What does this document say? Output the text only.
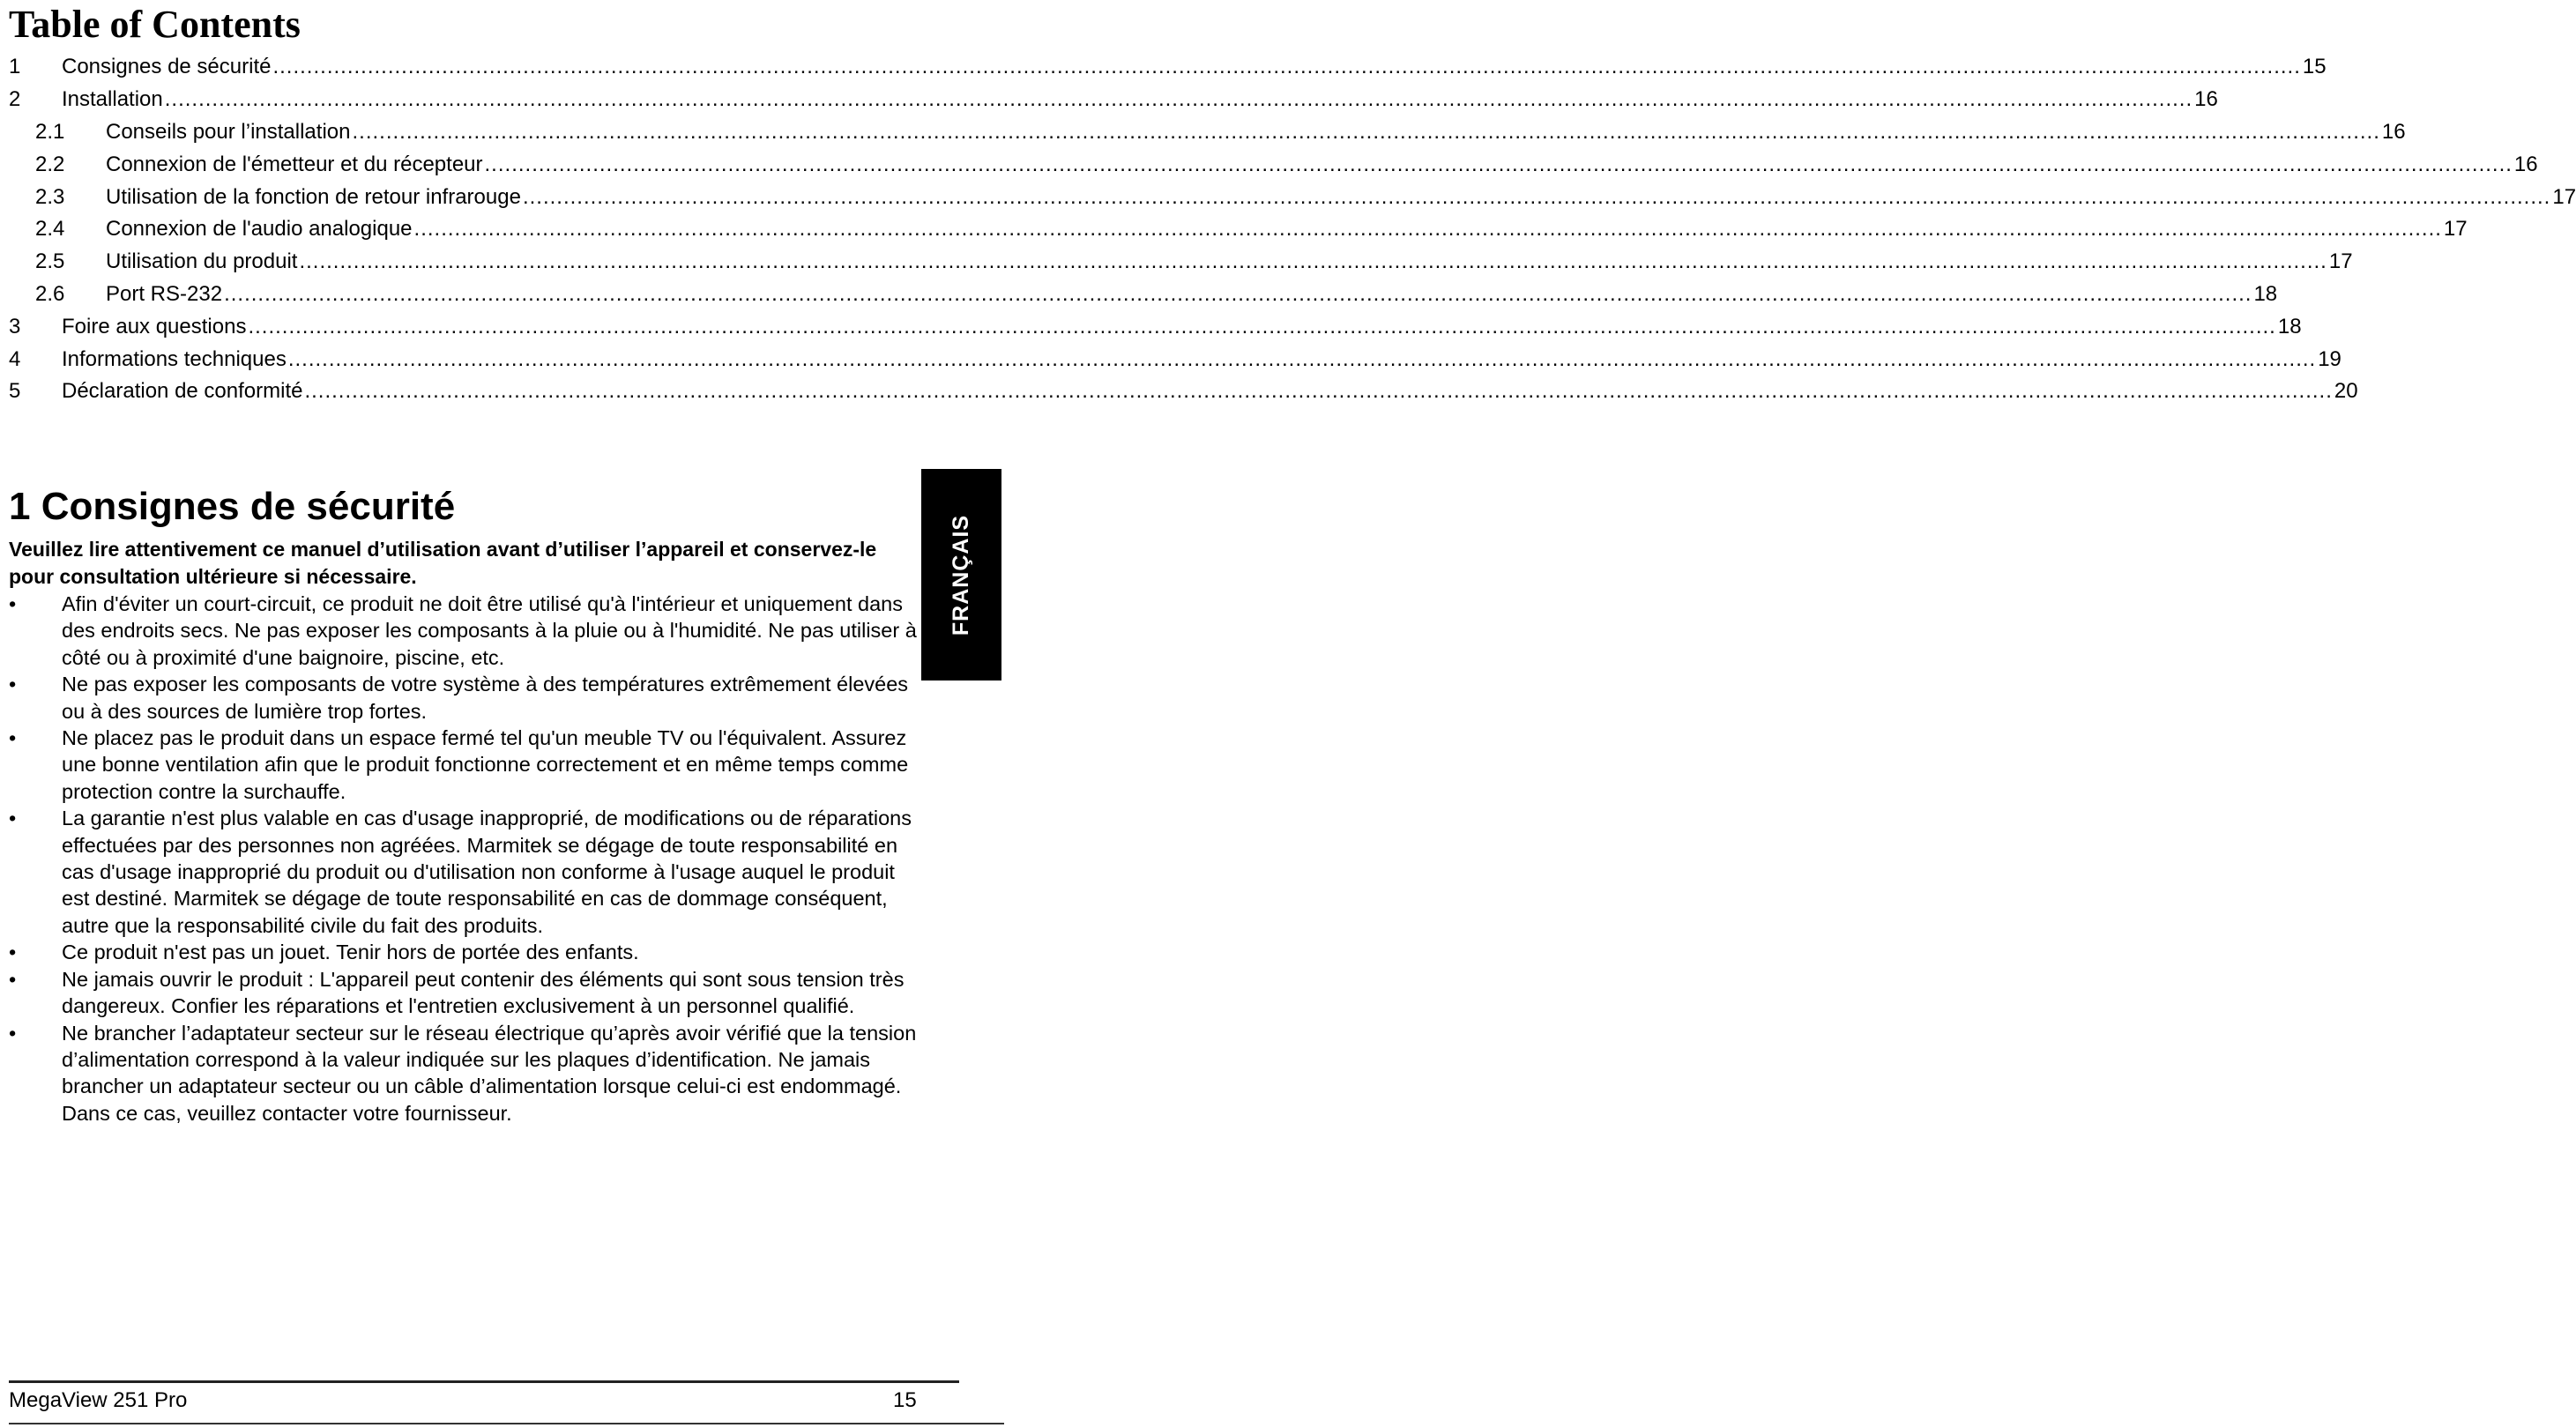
Table of Contents
1	Consignes de sécurité ............................................................................................................................................................................................................................................................................................................ 15
2	Installation ............................................................................................................................................................................................................................................................................................................ 16
2.1	Conseils pour l’installation ............................................................................................................................................................................................................................................................................................................ 16
2.2	Connexion de l'émetteur et du récepteur ............................................................................................................................................................................................................................................................................................................ 16
2.3	Utilisation de la fonction de retour infrarouge ............................................................................................................................................................................................................................................................................................................ 17
2.4	Connexion de l'audio analogique ............................................................................................................................................................................................................................................................................................................ 17
2.5	Utilisation du produit ............................................................................................................................................................................................................................................................................................................ 17
2.6	Port RS-232 ............................................................................................................................................................................................................................................................................................................ 18
3	Foire aux questions ............................................................................................................................................................................................................................................................................................................ 18
4	Informations techniques ............................................................................................................................................................................................................................................................................................................ 19
5	Déclaration de conformité ............................................................................................................................................................................................................................................................................................................ 20
1 Consignes de sécurité

Veuillez lire attentivement ce manuel d’utilisation avant d’utiliser l’appareil et conservez-le pour consultation ultérieure si nécessaire.

• Afin d'éviter un court-circuit, ce produit ne doit être utilisé qu'à l'intérieur et uniquement dans des endroits secs. Ne pas exposer les composants à la pluie ou à l'humidité. Ne pas utiliser à côté ou à proximité d'une baignoire, piscine, etc.
• Ne pas exposer les composants de votre système à des températures extrêmement élevées ou à des sources de lumière trop fortes.
• Ne placez pas le produit dans un espace fermé tel qu'un meuble TV ou l'équivalent. Assurez une bonne ventilation afin que le produit fonctionne correctement et en même temps comme protection contre la surchauffe.
• La garantie n'est plus valable en cas d'usage inapproprié, de modifications ou de réparations effectuées par des personnes non agréées. Marmitek se dégage de toute responsabilité en cas d'usage inapproprié du produit ou d'utilisation non conforme à l'usage auquel le produit est destiné. Marmitek se dégage de toute responsabilité en cas de dommage conséquent, autre que la responsabilité civile du fait des produits.
• Ce produit n'est pas un jouet. Tenir hors de portée des enfants.
• Ne jamais ouvrir le produit : L'appareil peut contenir des éléments qui sont sous tension très dangereux. Confier les réparations et l'entretien exclusivement à un personnel qualifié.
• Ne brancher l’adaptateur secteur sur le réseau électrique qu’après avoir vérifié que la tension d’alimentation correspond à la valeur indiquée sur les plaques d’identification. Ne jamais brancher un adaptateur secteur ou un câble d’alimentation lorsque celui-ci est endommagé. Dans ce cas, veuillez contacter votre fournisseur.
FRANÇAIS
MegaView 251 Pro	15
